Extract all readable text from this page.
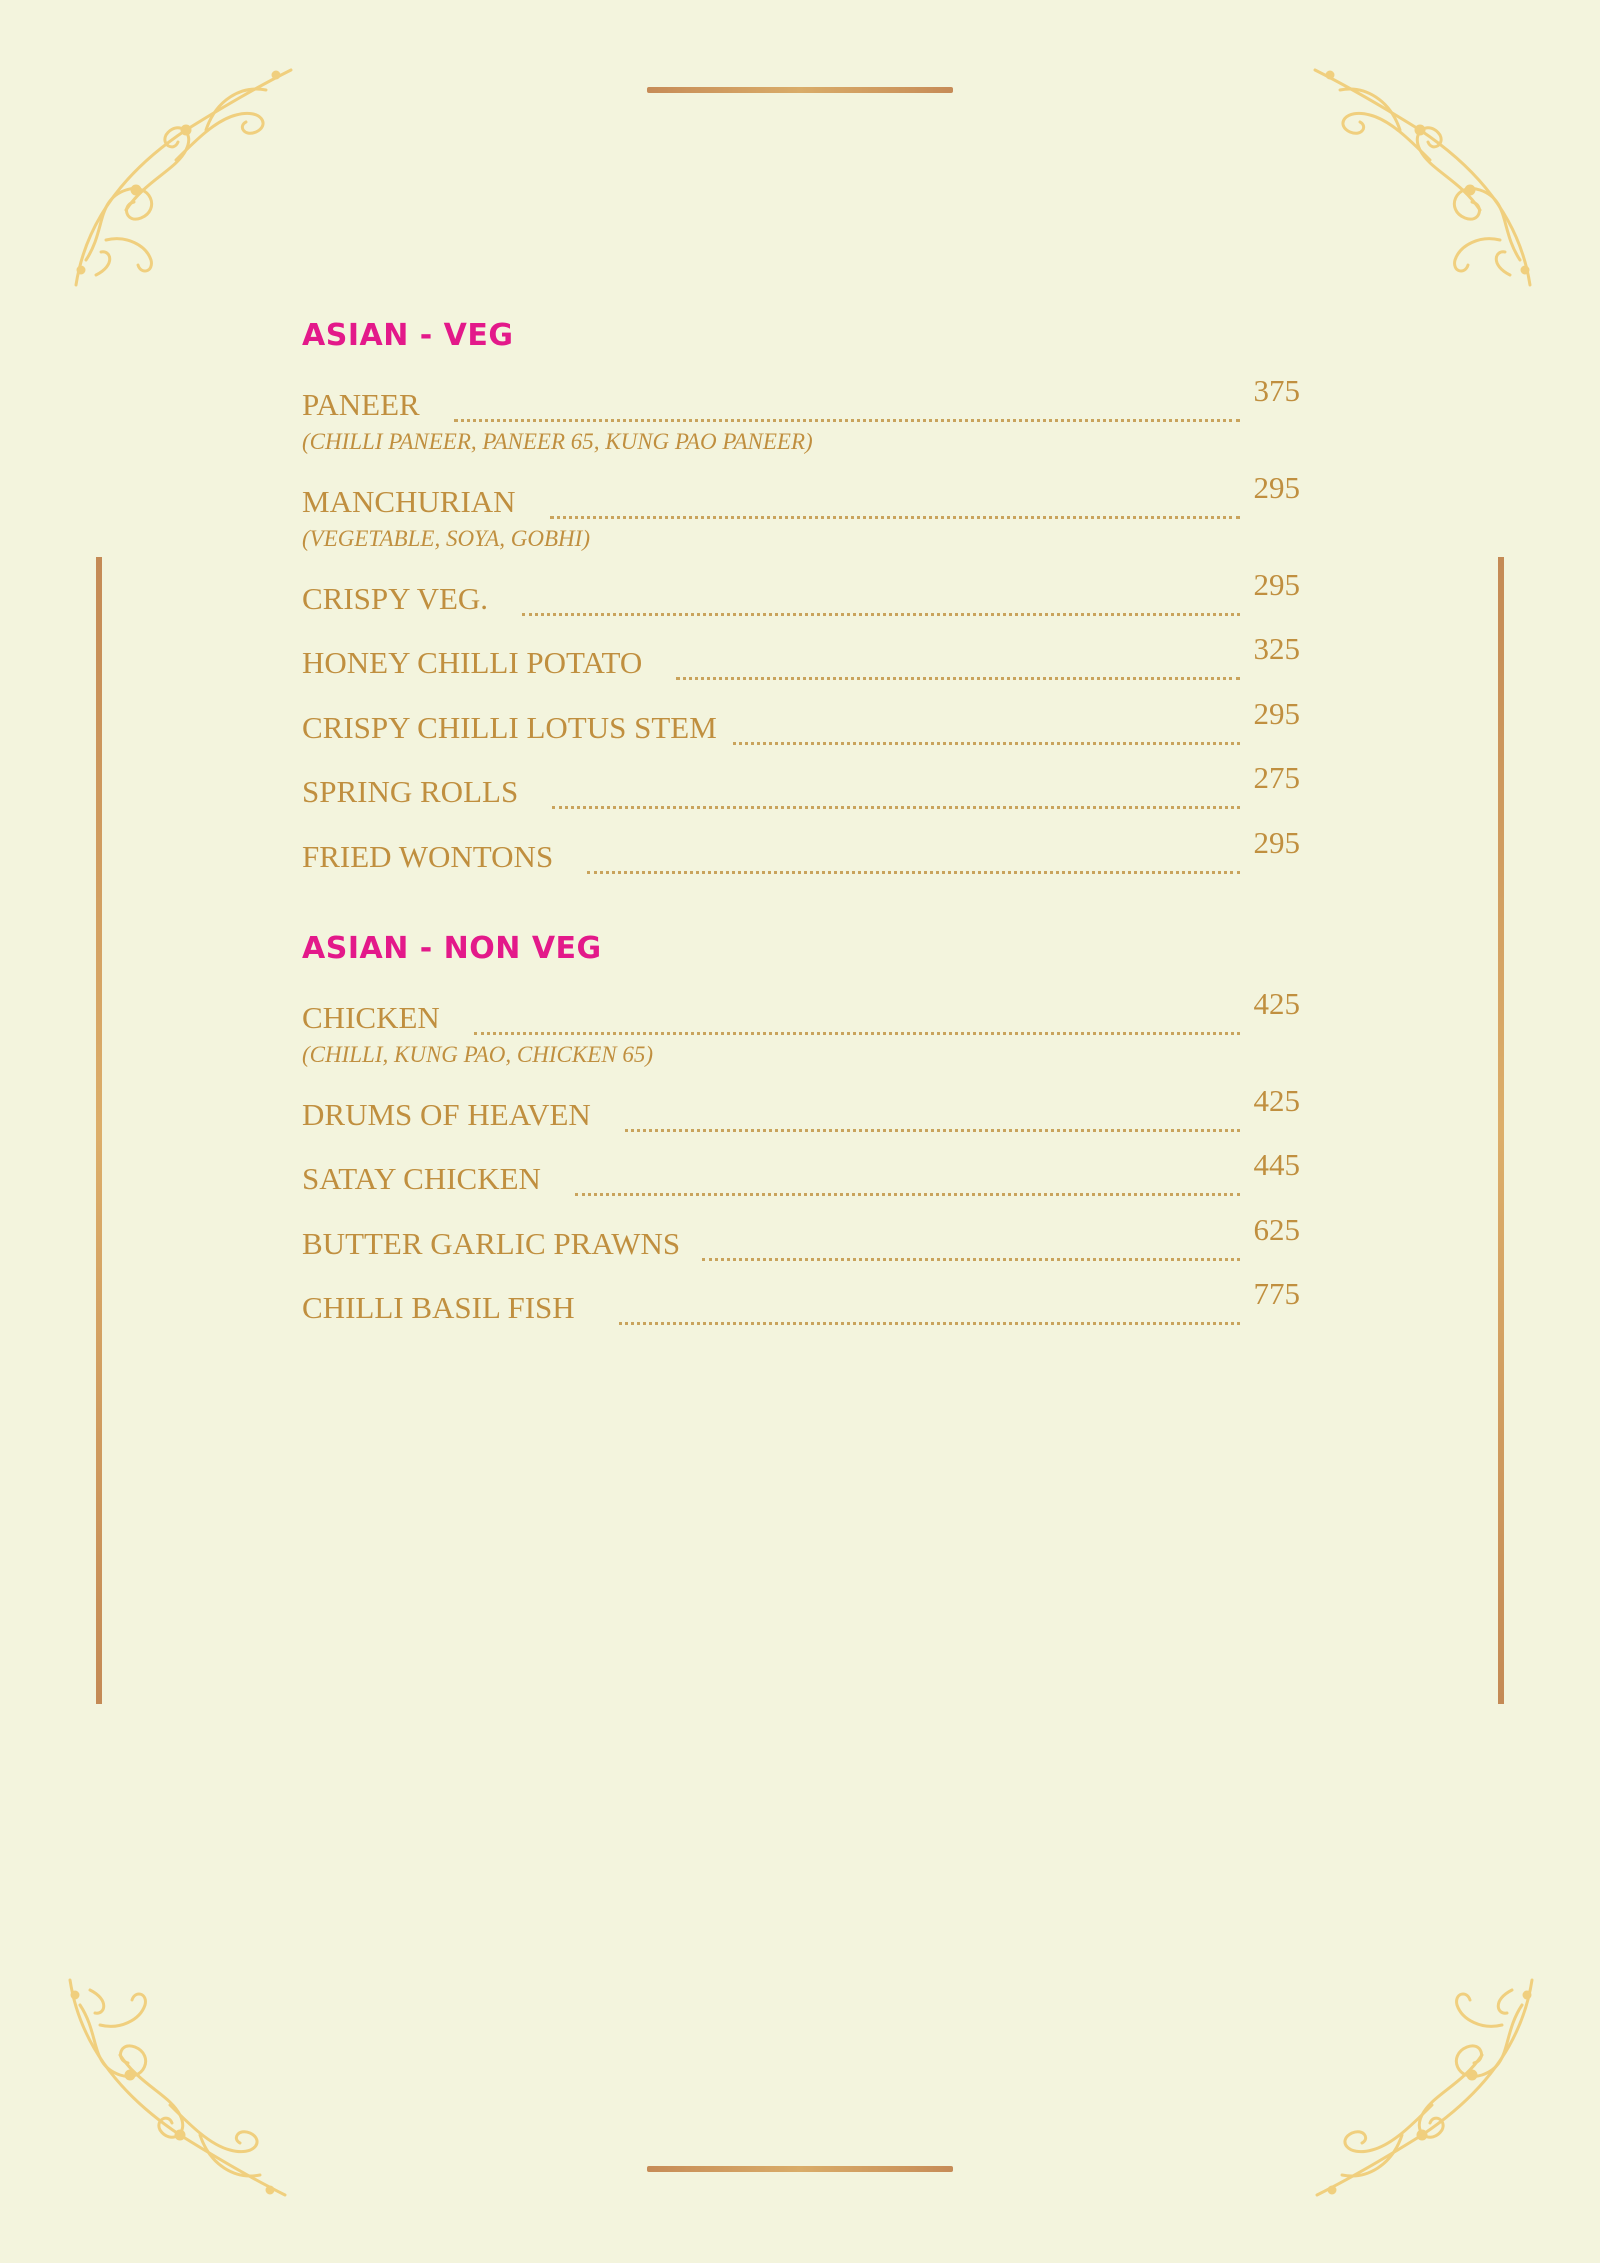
ASIAN - VEG
PANEER	375
(CHILLI PANEER, PANEER 65, KUNG PAO PANEER)
MANCHURIAN	295
(VEGETABLE, SOYA, GOBHI)
CRISPY VEG.	295
HONEY CHILLI POTATO	325
CRISPY CHILLI LOTUS STEM	295
SPRING ROLLS	275
FRIED WONTONS	295
ASIAN - NON VEG
CHICKEN	425
(CHILLI, KUNG PAO, CHICKEN 65)
DRUMS OF HEAVEN	425
SATAY CHICKEN	445
BUTTER GARLIC PRAWNS	625
CHILLI BASIL FISH	775
